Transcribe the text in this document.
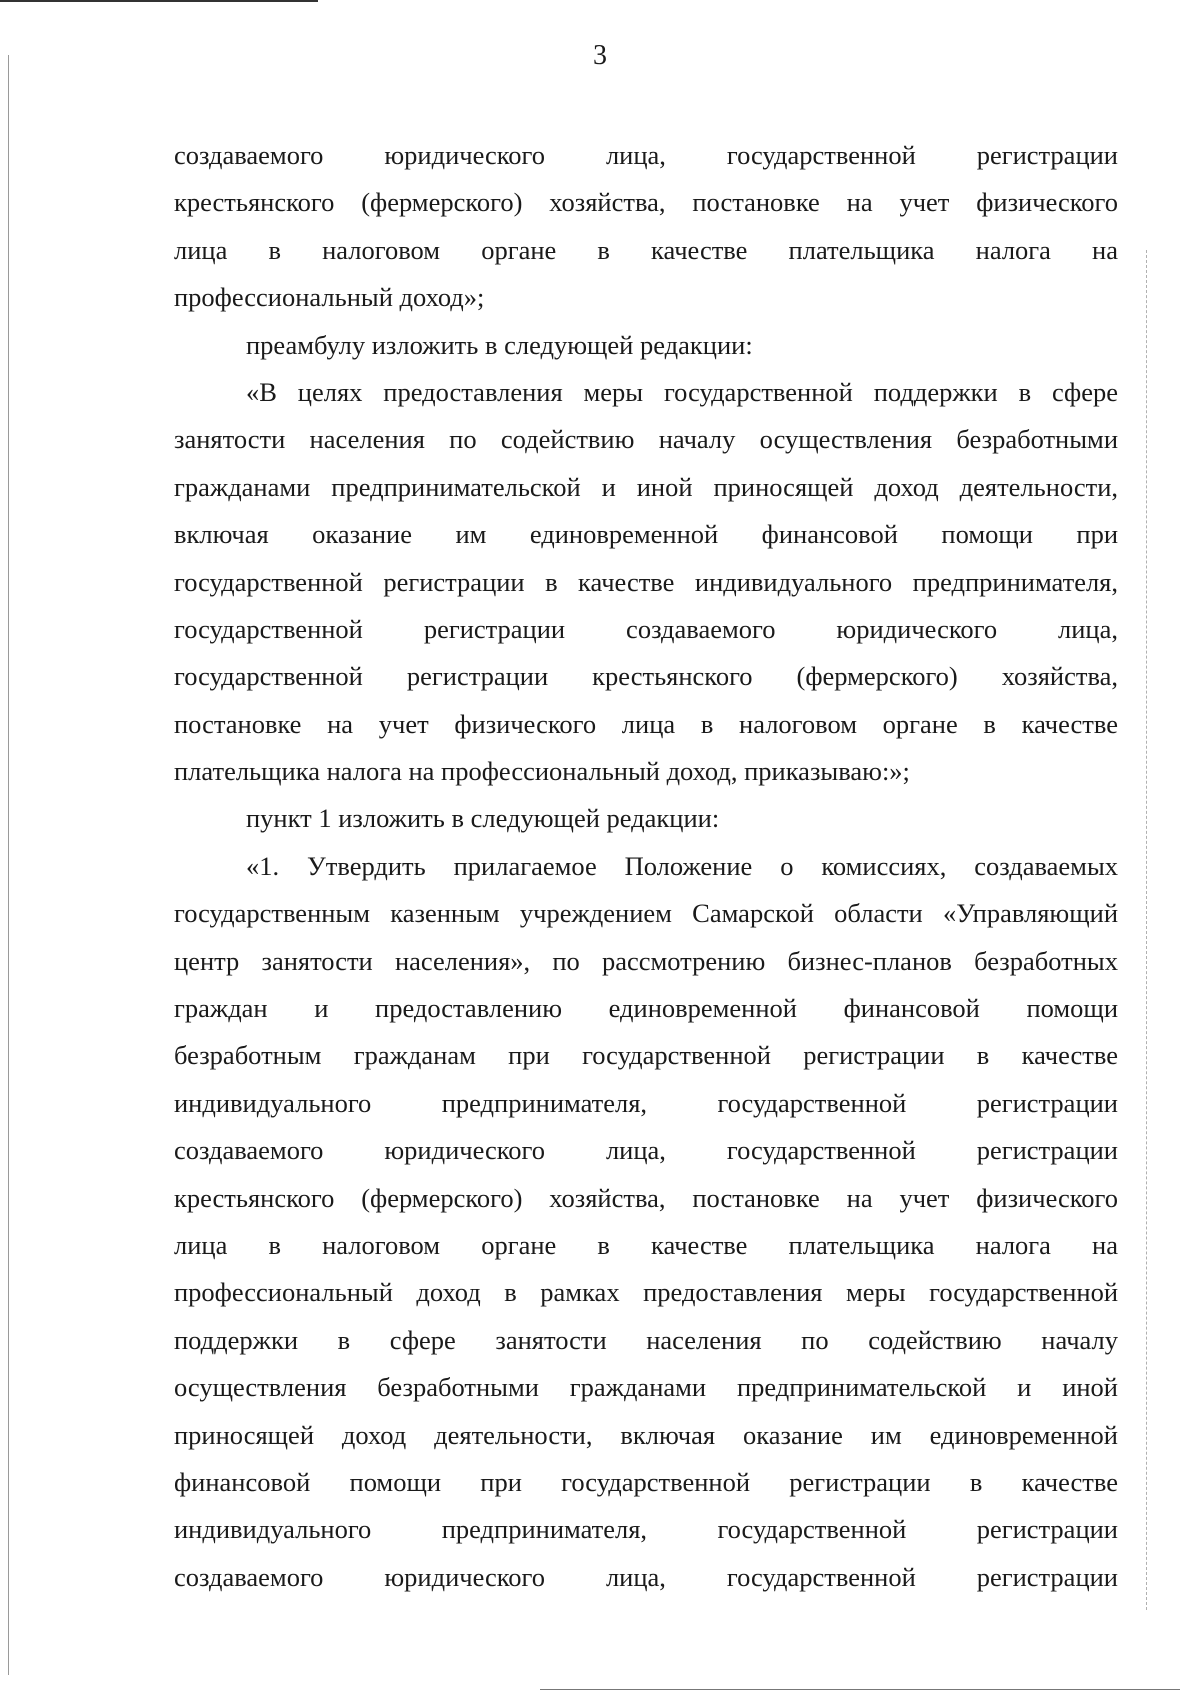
3
создаваемого юридического лица, государственной регистрации
крестьянского (фермерского) хозяйства, постановке на учет физического
лица в налоговом органе в качестве плательщика налога на
профессиональный доход»;
преамбулу изложить в следующей редакции:
«В целях предоставления меры государственной поддержки в сфере
занятости населения по содействию началу осуществления безработными
гражданами предпринимательской и иной приносящей доход деятельности,
включая оказание им единовременной финансовой помощи при
государственной регистрации в качестве индивидуального предпринимателя,
государственной регистрации создаваемого юридического лица,
государственной регистрации крестьянского (фермерского) хозяйства,
постановке на учет физического лица в налоговом органе в качестве
плательщика налога на профессиональный доход, приказываю:»;
пункт 1 изложить в следующей редакции:
«1. Утвердить прилагаемое Положение о комиссиях, создаваемых
государственным казенным учреждением Самарской области «Управляющий
центр занятости населения», по рассмотрению бизнес-планов безработных
граждан и предоставлению единовременной финансовой помощи
безработным гражданам при государственной регистрации в качестве
индивидуального предпринимателя, государственной регистрации
создаваемого юридического лица, государственной регистрации
крестьянского (фермерского) хозяйства, постановке на учет физического
лица в налоговом органе в качестве плательщика налога на
профессиональный доход в рамках предоставления меры государственной
поддержки в сфере занятости населения по содействию началу
осуществления безработными гражданами предпринимательской и иной
приносящей доход деятельности, включая оказание им единовременной
финансовой помощи при государственной регистрации в качестве
индивидуального предпринимателя, государственной регистрации
создаваемого юридического лица, государственной регистрации
